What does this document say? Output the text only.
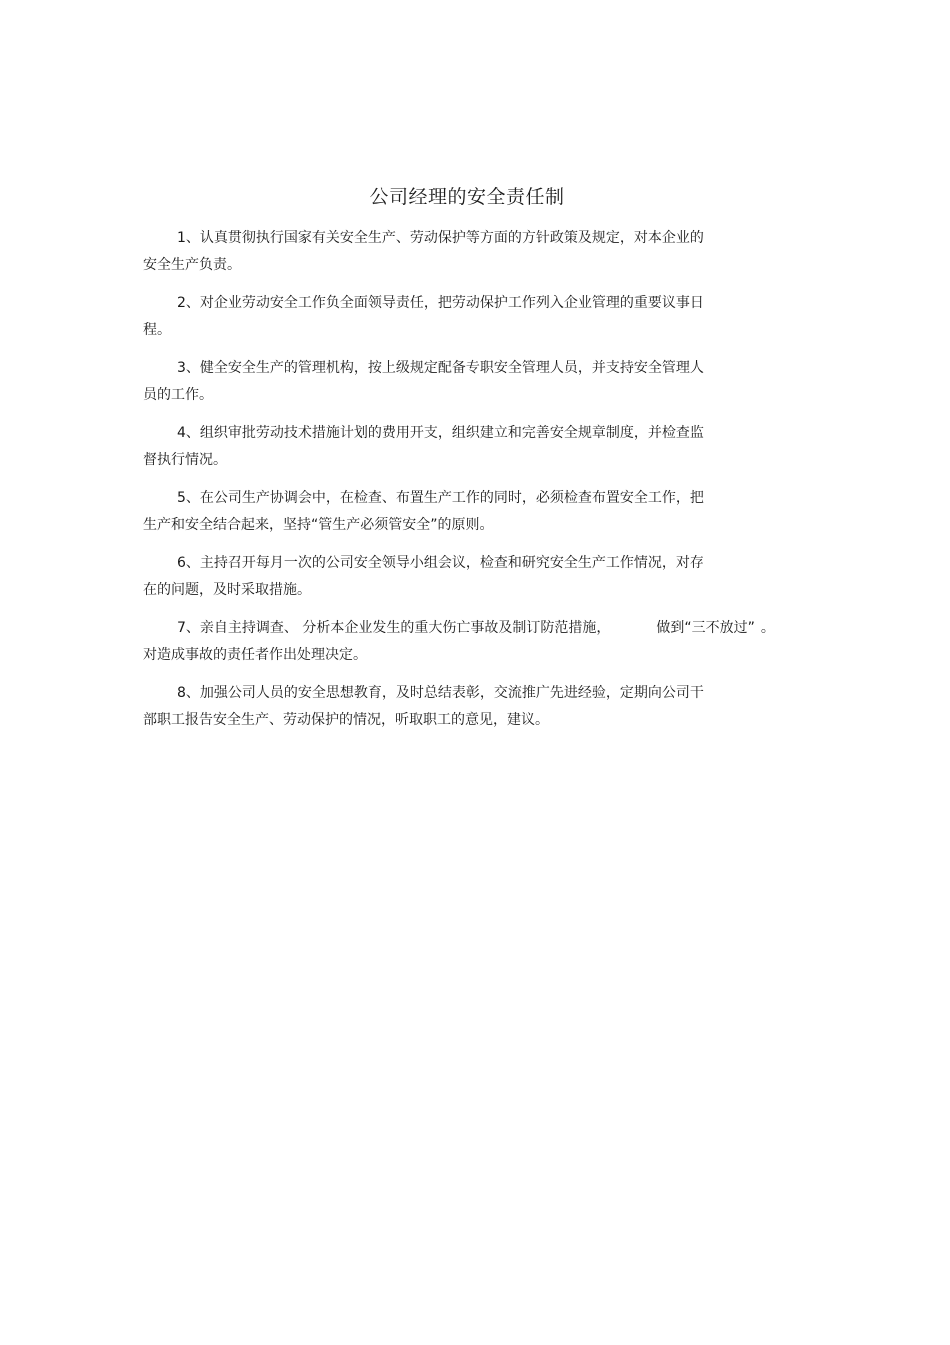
公司经理的安全责任制

1、认真贯彻执行国家有关安全生产、劳动保护等方面的方针政策及规定，对本企业的
安全生产负责。

2、对企业劳动安全工作负全面领导责任，把劳动保护工作列入企业管理的重要议事日
程。

3、健全安全生产的管理机构，按上级规定配备专职安全管理人员，并支持安全管理人
员的工作。

4、组织审批劳动技术措施计划的费用开支，组织建立和完善安全规章制度，并检查监
督执行情况。

5、在公司生产协调会中，在检查、布置生产工作的同时，必须检查布置安全工作，把
生产和安全结合起来，坚持“管生产必须管安全”的原则。

6、主持召开每月一次的公司安全领导小组会议，检查和研究安全生产工作情况，对存
在的问题，及时采取措施。

7、亲自主持调查、 分析本企业发生的重大伤亡事故及制订防范措施，	做到“三不放过” 。
对造成事故的责任者作出处理决定。

8、加强公司人员的安全思想教育，及时总结表彰，交流推广先进经验，定期向公司干
部职工报告安全生产、劳动保护的情况，听取职工的意见，建议。
